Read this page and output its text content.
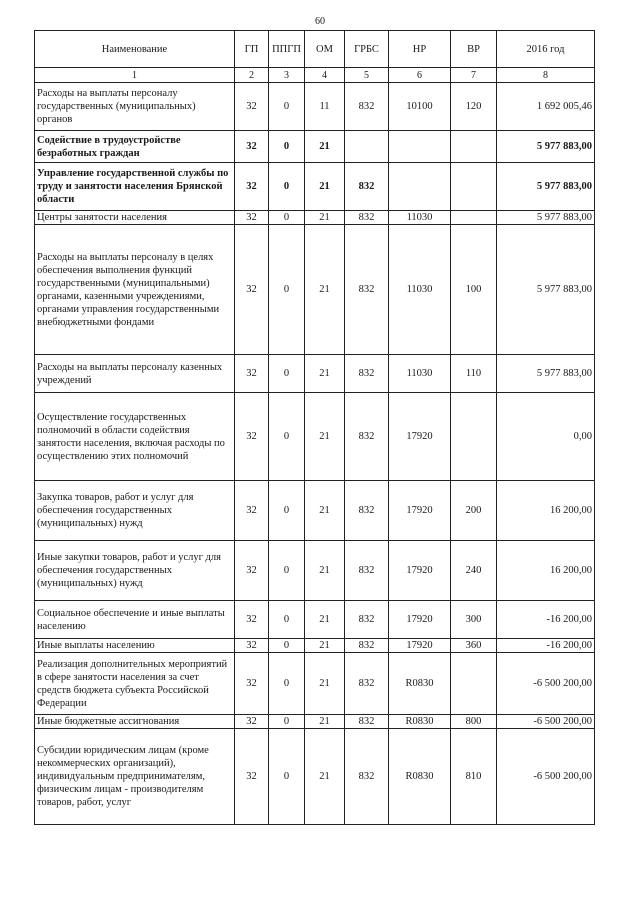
60
Наименование	ГП	ППГП	ОМ	ГРБС	НР	ВР	2016 год
1	2	3	4	5	6	7	8
Расходы на выплаты персоналу государственных (муниципальных) органов	32	0	11	832	10100	120	1 692 005,46
Содействие в трудоустройстве безработных граждан	32	0	21				5 977 883,00
Управление государственной службы по труду и занятости населения Брянской области	32	0	21	832			5 977 883,00
Центры занятости населения	32	0	21	832	11030		5 977 883,00
Расходы на выплаты персоналу в целях обеспечения выполнения функций государственными (муниципальными) органами, казенными учреждениями, органами управления государственными внебюджетными фондами	32	0	21	832	11030	100	5 977 883,00
Расходы на выплаты персоналу казенных учреждений	32	0	21	832	11030	110	5 977 883,00
Осуществление государственных полномочий в области содействия занятости населения, включая расходы по осуществлению этих полномочий	32	0	21	832	17920		0,00
Закупка товаров, работ и услуг для обеспечения государственных (муниципальных) нужд	32	0	21	832	17920	200	16 200,00
Иные закупки товаров, работ и услуг для обеспечения государственных (муниципальных) нужд	32	0	21	832	17920	240	16 200,00
Социальное обеспечение и иные выплаты населению	32	0	21	832	17920	300	-16 200,00
Иные выплаты населению	32	0	21	832	17920	360	-16 200,00
Реализация дополнительных мероприятий в сфере занятости населения за счет средств бюджета субъекта Российской Федерации	32	0	21	832	R0830		-6 500 200,00
Иные бюджетные ассигнования	32	0	21	832	R0830	800	-6 500 200,00
Субсидии юридическим лицам (кроме некоммерческих организаций), индивидуальным предпринимателям, физическим лицам - производителям товаров, работ, услуг	32	0	21	832	R0830	810	-6 500 200,00
